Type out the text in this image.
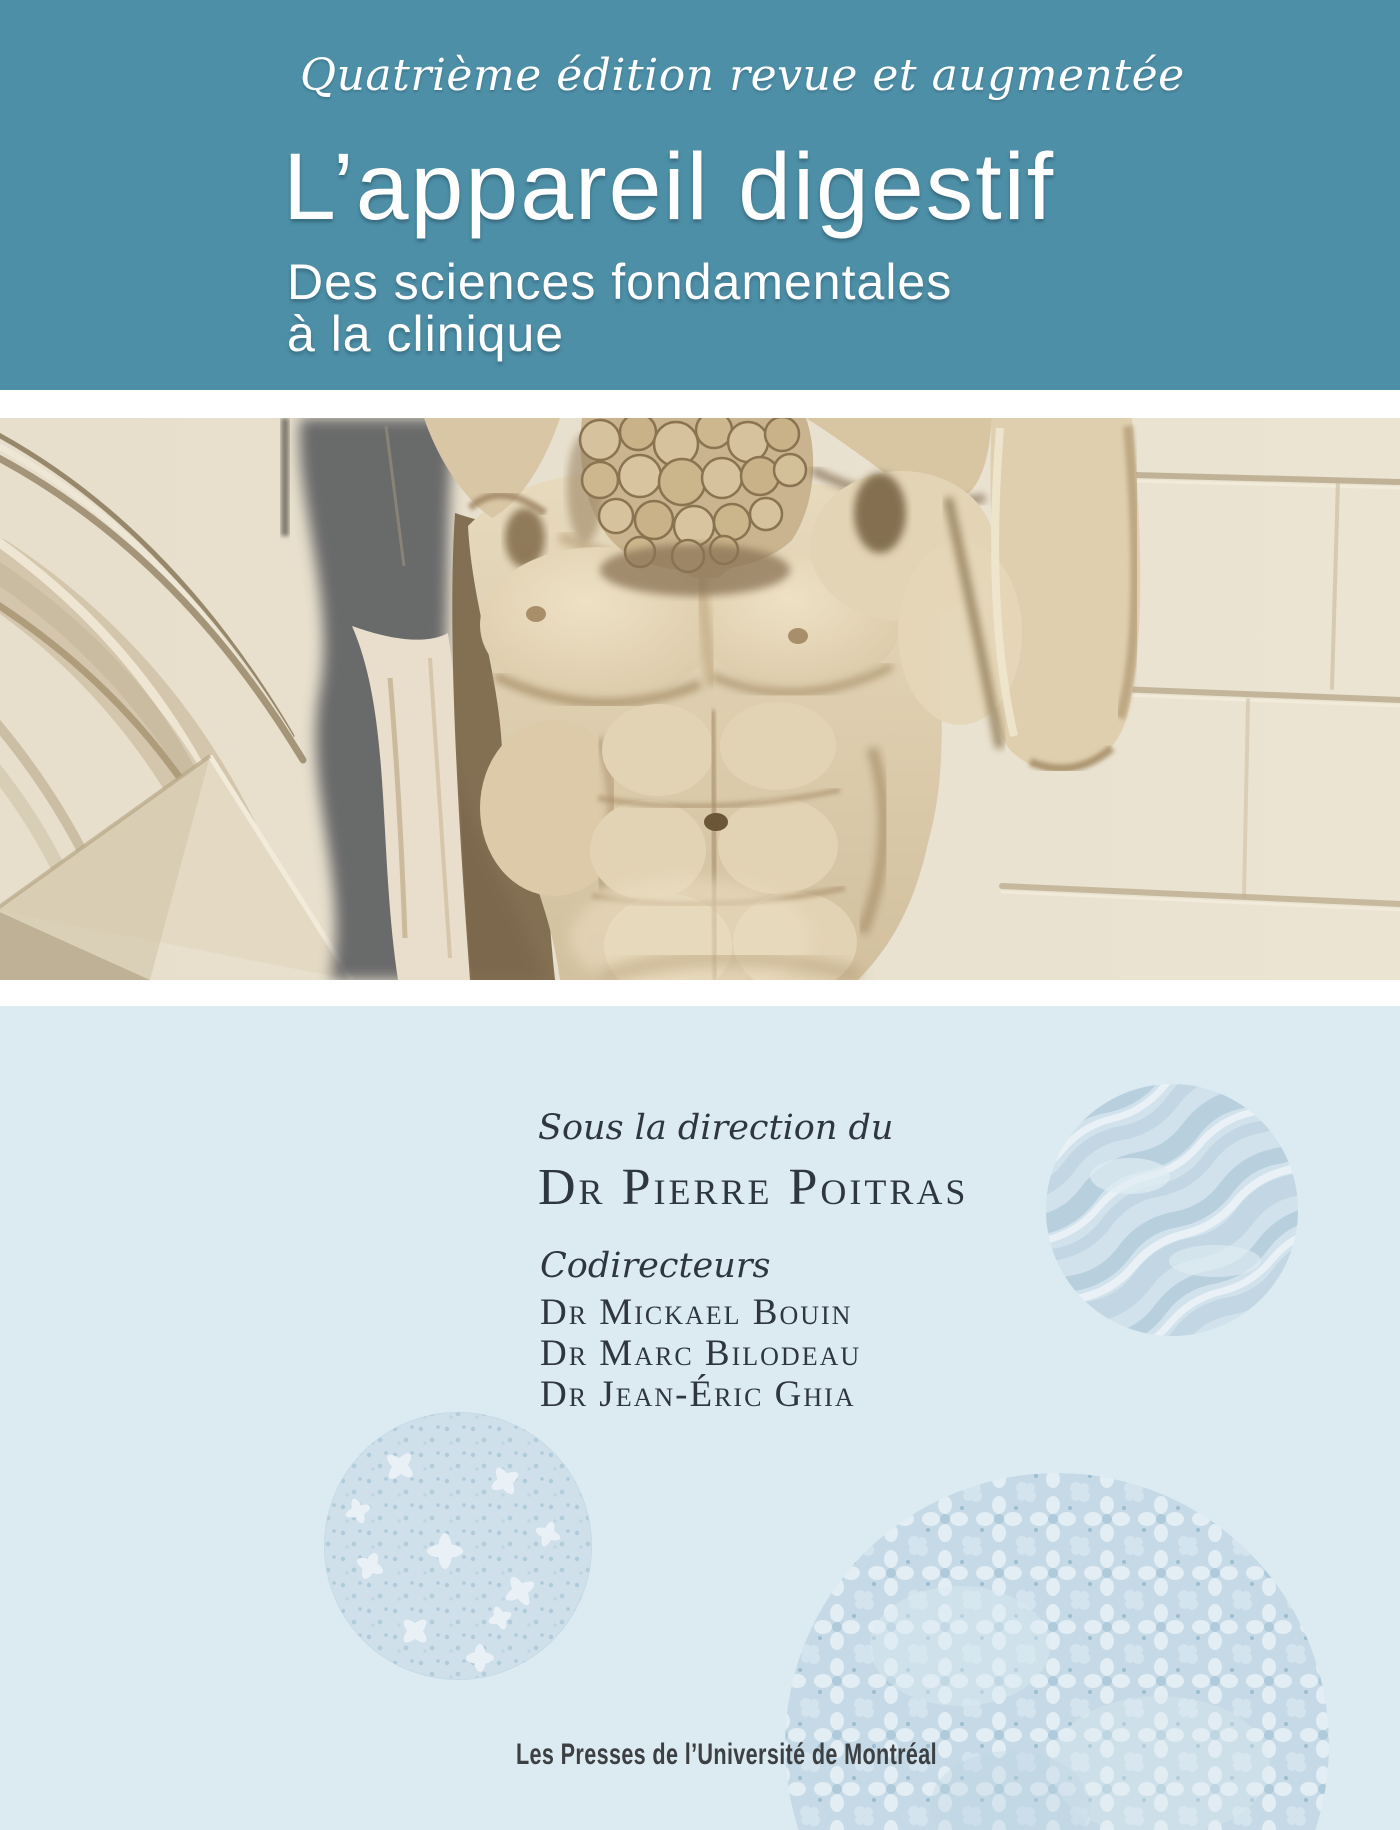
Quatrième édition revue et augmentée
L’appareil digestif
Des sciences fondamentales
à la clinique
Sous la direction du
Dr Pierre Poitras
Codirecteurs
Dr Mickael Bouin
Dr Marc Bilodeau
Dr Jean-Éric Ghia
Les Presses de l’Université de Montréal
